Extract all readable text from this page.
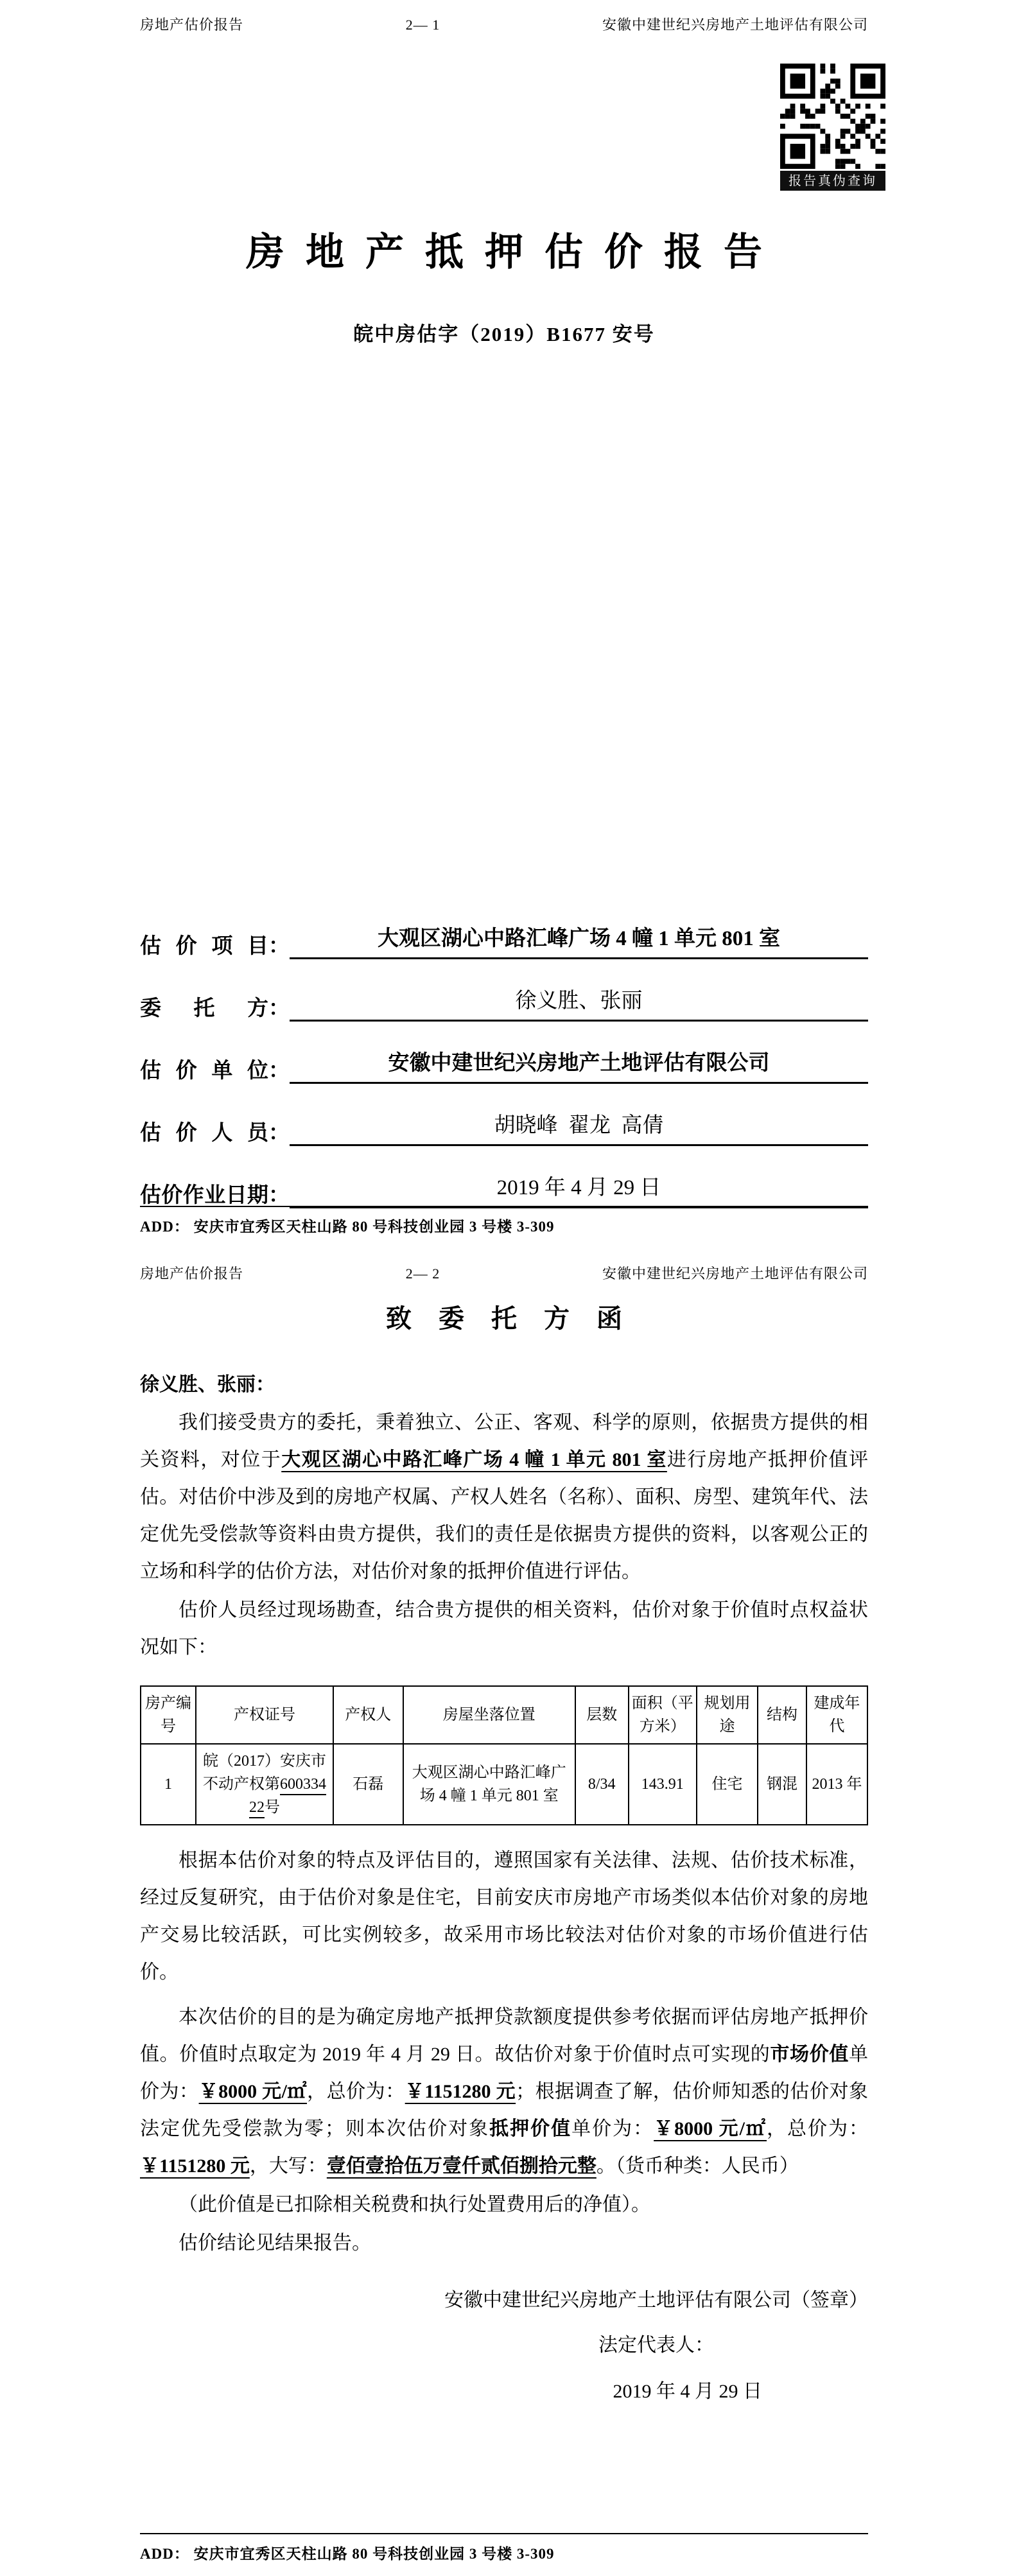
房地产估价报告	2— 1	安徽中建世纪兴房地产土地评估有限公司
报告真伪查询
房 地 产 抵 押 估 价 报 告
皖中房估字（2019）B1677 安号
估价项目 ：	大观区湖心中路汇峰广场 4 幢 1 单元 801 室
委托方 ：	徐义胜、张丽
估价单位 ：	安徽中建世纪兴房地产土地评估有限公司
估价人员 ：	胡晓峰  翟龙  高倩
估价作业日期 ：	2019 年 4 月 29 日
ADD： 安庆市宜秀区天柱山路 80 号科技创业园 3 号楼 3-309
房地产估价报告	2— 2	安徽中建世纪兴房地产土地评估有限公司
致 委 托 方 函
徐义胜、张丽：

我们接受贵方的委托，秉着独立、公正、客观、科学的原则，依据贵方提供的相关资料，对位于大观区湖心中路汇峰广场 4 幢 1 单元 801 室进行房地产抵押价值评估。对估价中涉及到的房地产权属、产权人姓名（名称）、面积、房型、建筑年代、法定优先受偿款等资料由贵方提供，我们的责任是依据贵方提供的资料，以客观公正的立场和科学的估价方法，对估价对象的抵押价值进行评估。

估价人员经过现场勘查，结合贵方提供的相关资料，估价对象于价值时点权益状况如下：

房产编号	产权证号	产权人	房屋坐落位置	层数	面积（平方米）	规划用途	结构	建成年代
1	皖（2017）安庆市不动产权第60033422号	石磊	大观区湖心中路汇峰广场 4 幢 1 单元 801 室	8/34	143.91	住宅	钢混	2013 年

根据本估价对象的特点及评估目的，遵照国家有关法律、法规、估价技术标准，经过反复研究，由于估价对象是住宅，目前安庆市房地产市场类似本估价对象的房地产交易比较活跃，可比实例较多，故采用市场比较法对估价对象的市场价值进行估价。

本次估价的目的是为确定房地产抵押贷款额度提供参考依据而评估房地产抵押价值。价值时点取定为 2019 年 4 月 29 日。故估价对象于价值时点可实现的市场价值单价为：￥8000 元/㎡，总价为：￥1151280 元；根据调查了解，估价师知悉的估价对象法定优先受偿款为零；则本次估价对象抵押价值单价为：￥8000 元/㎡，总价为：￥1151280 元，大写：壹佰壹拾伍万壹仟贰佰捌拾元整。（货币种类：人民币）

（此价值是已扣除相关税费和执行处置费用后的净值）。

估价结论见结果报告。

安徽中建世纪兴房地产土地评估有限公司（签章）
法定代表人：
2019 年 4 月 29 日
ADD： 安庆市宜秀区天柱山路 80 号科技创业园 3 号楼 3-309
